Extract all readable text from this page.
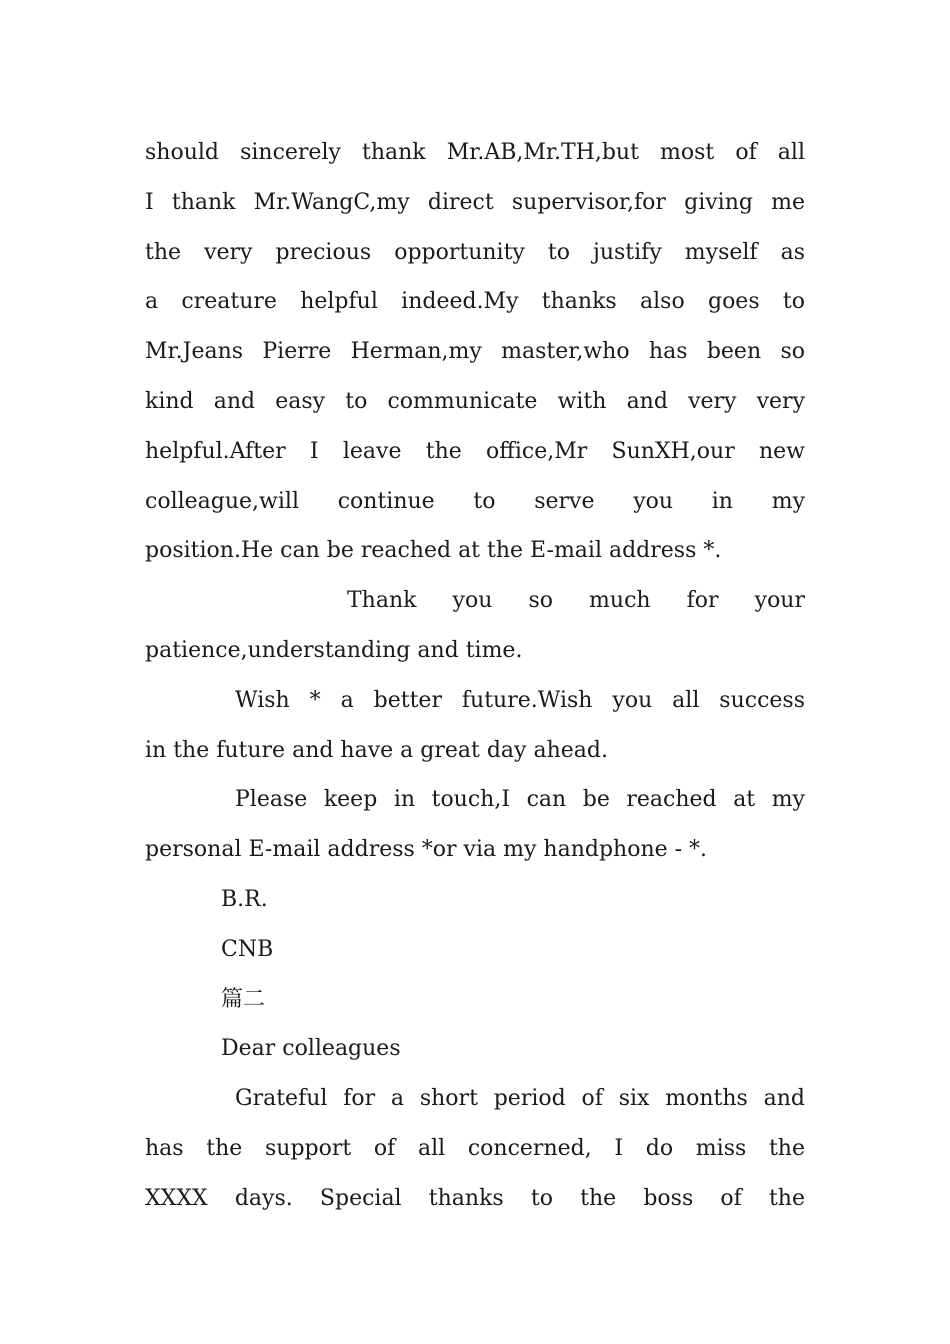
should sincerely thank Mr.AB,Mr.TH,but most of all
I thank Mr.WangC,my direct supervisor,for giving me
the very precious opportunity to justify myself as
a creature helpful indeed.My thanks also goes to
Mr.Jeans Pierre Herman,my master,who has been so
kind and easy to communicate with and very very
helpful.After I leave the office,Mr SunXH,our new
colleague,will continue to serve you in my
position.He can be reached at the E-mail address *.
Thank you so much for your
patience,understanding and time.
Wish * a better future.Wish you all success
in the future and have a great day ahead.
Please keep in touch,I can be reached at my
personal E-mail address *or via my handphone - *.
B.R.
CNB
篇二
Dear colleagues
Grateful for a short period of six months and
has the support of all concerned, I do miss the
XXXX days. Special thanks to the boss of the
